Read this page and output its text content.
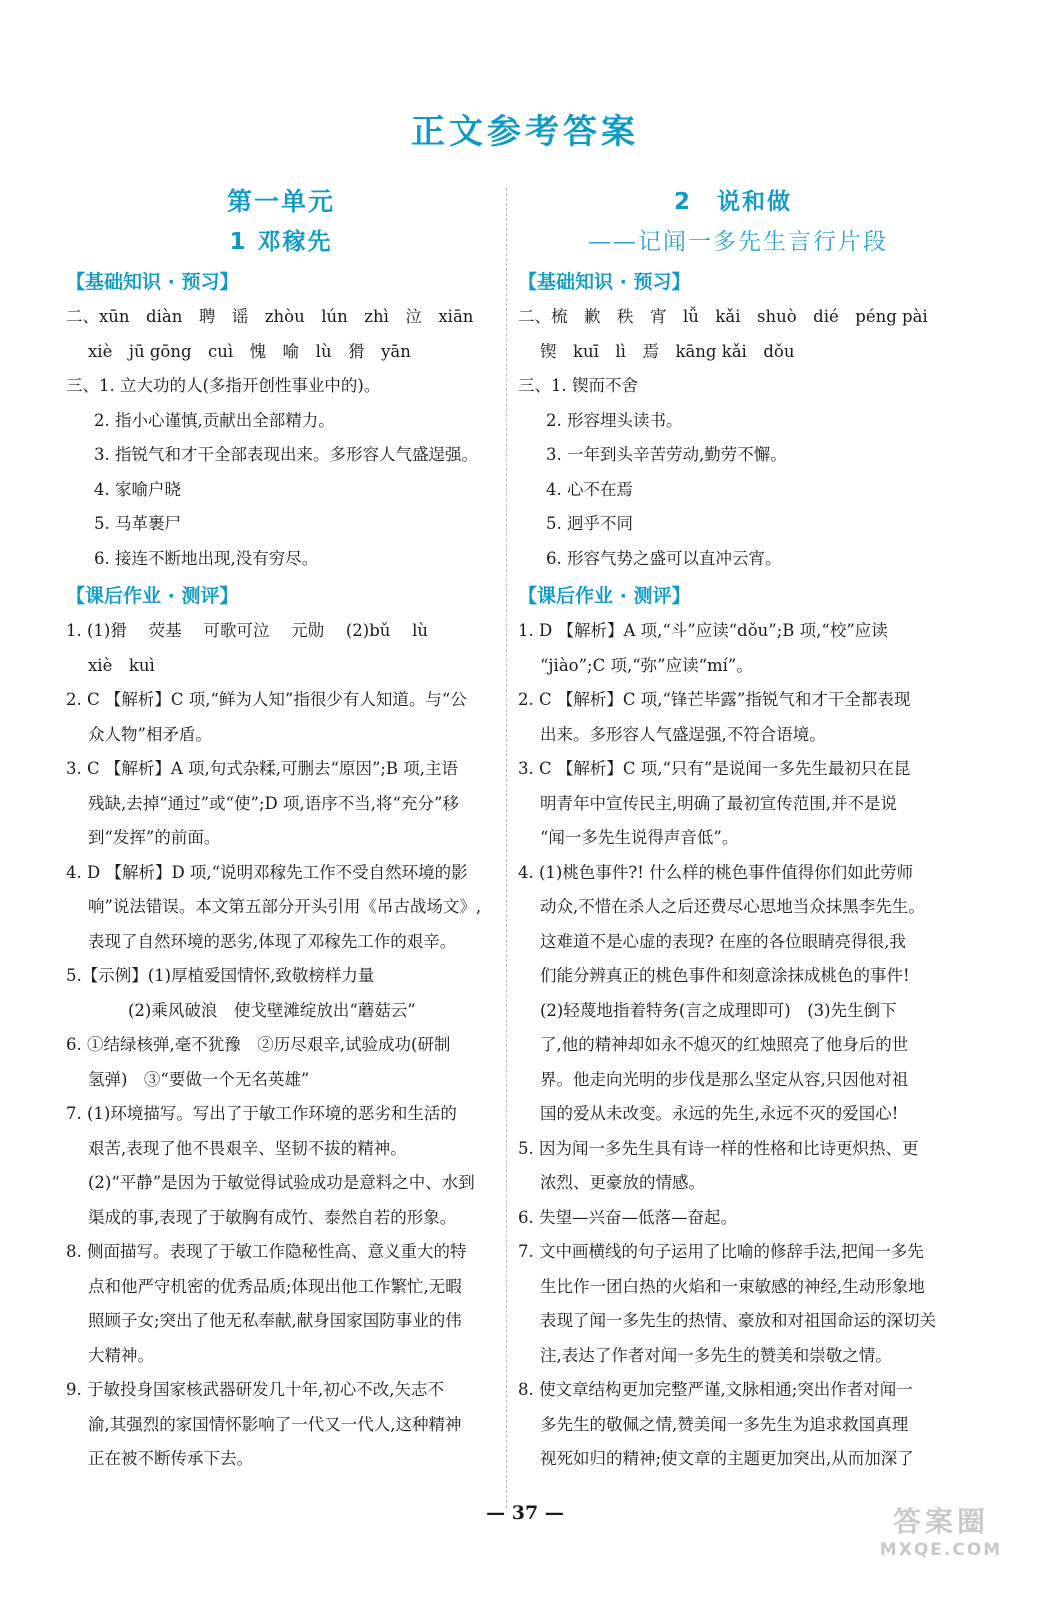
正文参考答案
第一单元
1 邓稼先
【基础知识 · 预习】
二、xūn　diàn　聘　谣　zhòu　lún　zhì　泣　xiān
xiè　jū gōng　cuì　愧　喻　lù　猾　yān
三、1. 立大功的人(多指开创性事业中的)。
2. 指小心谨慎,贡献出全部精力。
3. 指锐气和才干全部表现出来。多形容人气盛逞强。
4. 家喻户晓
5. 马革裹尸
6. 接连不断地出现,没有穷尽。
【课后作业 · 测评】
1. (1)猾　 荧基　 可歌可泣　 元勋　 (2)bǔ　 lù
xiè　kuì
2. C 【解析】C 项,“鲜为人知”指很少有人知道。与“公
众人物”相矛盾。
3. C 【解析】A 项,句式杂糅,可删去“原因”;B 项,主语
残缺,去掉“通过”或“使”;D 项,语序不当,将“充分”移
到“发挥”的前面。
4. D 【解析】D 项,“说明邓稼先工作不受自然环境的影
响”说法错误。本文第五部分开头引用《吊古战场文》,
表现了自然环境的恶劣,体现了邓稼先工作的艰辛。
5.【示例】(1)厚植爱国情怀,致敬榜样力量
(2)乘风破浪　使戈壁滩绽放出“蘑菇云”
6. ①结绿核弹,毫不犹豫　②历尽艰辛,试验成功(研制
氢弹)　③“要做一个无名英雄”
7. (1)环境描写。写出了于敏工作环境的恶劣和生活的
艰苦,表现了他不畏艰辛、坚韧不拔的精神。
(2)“平静”是因为于敏觉得试验成功是意料之中、水到
渠成的事,表现了于敏胸有成竹、泰然自若的形象。
8. 侧面描写。表现了于敏工作隐秘性高、意义重大的特
点和他严守机密的优秀品质;体现出他工作繁忙,无暇
照顾子女;突出了他无私奉献,献身国家国防事业的伟
大精神。
9. 于敏投身国家核武器研发几十年,初心不改,矢志不
渝,其强烈的家国情怀影响了一代又一代人,这种精神
正在被不断传承下去。
2　说和做
——记闻一多先生言行片段
【基础知识 · 预习】
二、梳　歉　秩　宵　lǚ　kǎi　shuò　dié　péng pài
锲　kuī　lì　焉　kāng kǎi　dǒu
三、1. 锲而不舍
2. 形容埋头读书。
3. 一年到头辛苦劳动,勤劳不懈。
4. 心不在焉
5. 迥乎不同
6. 形容气势之盛可以直冲云宵。
【课后作业 · 测评】
1. D 【解析】A 项,“斗”应读“dǒu”;B 项,“校”应读
“jiào”;C 项,“弥”应读“mí”。
2. C 【解析】C 项,“锋芒毕露”指锐气和才干全都表现
出来。多形容人气盛逞强,不符合语境。
3. C 【解析】C 项,“只有”是说闻一多先生最初只在昆
明青年中宣传民主,明确了最初宣传范围,并不是说
“闻一多先生说得声音低”。
4. (1)桃色事件?! 什么样的桃色事件值得你们如此劳师
动众,不惜在杀人之后还费尽心思地当众抹黑李先生。
这难道不是心虚的表现? 在座的各位眼睛亮得很,我
们能分辨真正的桃色事件和刻意涂抹成桃色的事件!
(2)轻蔑地指着特务(言之成理即可)　(3)先生倒下
了,他的精神却如永不熄灭的红烛照亮了他身后的世
界。他走向光明的步伐是那么坚定从容,只因他对祖
国的爱从未改变。永远的先生,永远不灭的爱国心!
5. 因为闻一多先生具有诗一样的性格和比诗更炽热、更
浓烈、更豪放的情感。
6. 失望—兴奋—低落—奋起。
7. 文中画横线的句子运用了比喻的修辞手法,把闻一多先
生比作一团白热的火焰和一束敏感的神经,生动形象地
表现了闻一多先生的热情、豪放和对祖国命运的深切关
注,表达了作者对闻一多先生的赞美和崇敬之情。
8. 使文章结构更加完整严谨,文脉相通;突出作者对闻一
多先生的敬佩之情,赞美闻一多先生为追求救国真理
视死如归的精神;使文章的主题更加突出,从而加深了
— 37 —	答案圈
MXQE.COM
